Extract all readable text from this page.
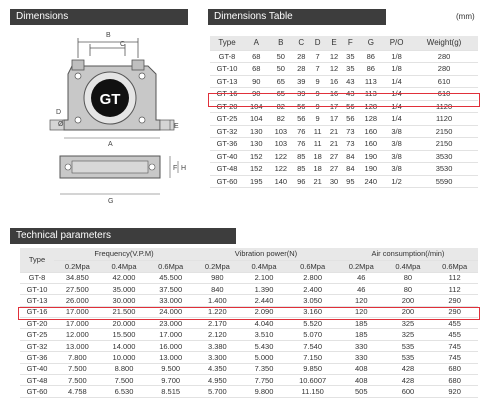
Dimensions	Dimensions Table	(mm)
Technical parameters
GT
B
C
D
A
E
Ø
G
F H
Type	A	B	C	D	E	F	G	P/O	Weight(g)
GT-8	68	50	28	7	12	35	86	1/8	280
GT-10	68	50	28	7	12	35	86	1/8	280
GT-13	90	65	39	9	16	43	113	1/4	610
GT-16	90	65	39	9	16	43	113	1/4	610
GT-20	104	82	56	9	17	56	128	1/4	1120
GT-25	104	82	56	9	17	56	128	1/4	1120
GT-32	130	103	76	11	21	73	160	3/8	2150
GT-36	130	103	76	11	21	73	160	3/8	2150
GT-40	152	122	85	18	27	84	190	3/8	3530
GT-48	152	122	85	18	27	84	190	3/8	3530
GT-60	195	140	96	21	30	95	240	1/2	5590
Type	Frequency(V.P.M)			Vibration power(N)			Air consumption(/min)		
	0.2Mpa	0.4Mpa	0.6Mpa	0.2Mpa	0.4Mpa	0.6Mpa	0.2Mpa	0.4Mpa	0.6Mpa
GT-8	34.850	42.000	45.500	980	2.100	2.800	46	80	112
GT-10	27.500	35.000	37.500	840	1.390	2.400	46	80	112
GT-13	26.000	30.000	33.000	1.400	2.440	3.050	120	200	290
GT-16	17.000	21.500	24.000	1.220	2.090	3.160	120	200	290
GT-20	17.000	20.000	23.000	2.170	4.040	5.520	185	325	455
GT-25	12.000	15.500	17.000	2.120	3.510	5.070	185	325	455
GT-32	13.000	14.000	16.000	3.380	5.430	7.540	330	535	745
GT-36	7.800	10.000	13.000	3.300	5.000	7.150	330	535	745
GT-40	7.500	8.800	9.500	4.350	7.350	9.850	408	428	680
GT-48	7.500	7.500	9.700	4.950	7.750	10.6007	408	428	680
GT-60	4.758	6.530	8.515	5.700	9.800	11.150	505	600	920
